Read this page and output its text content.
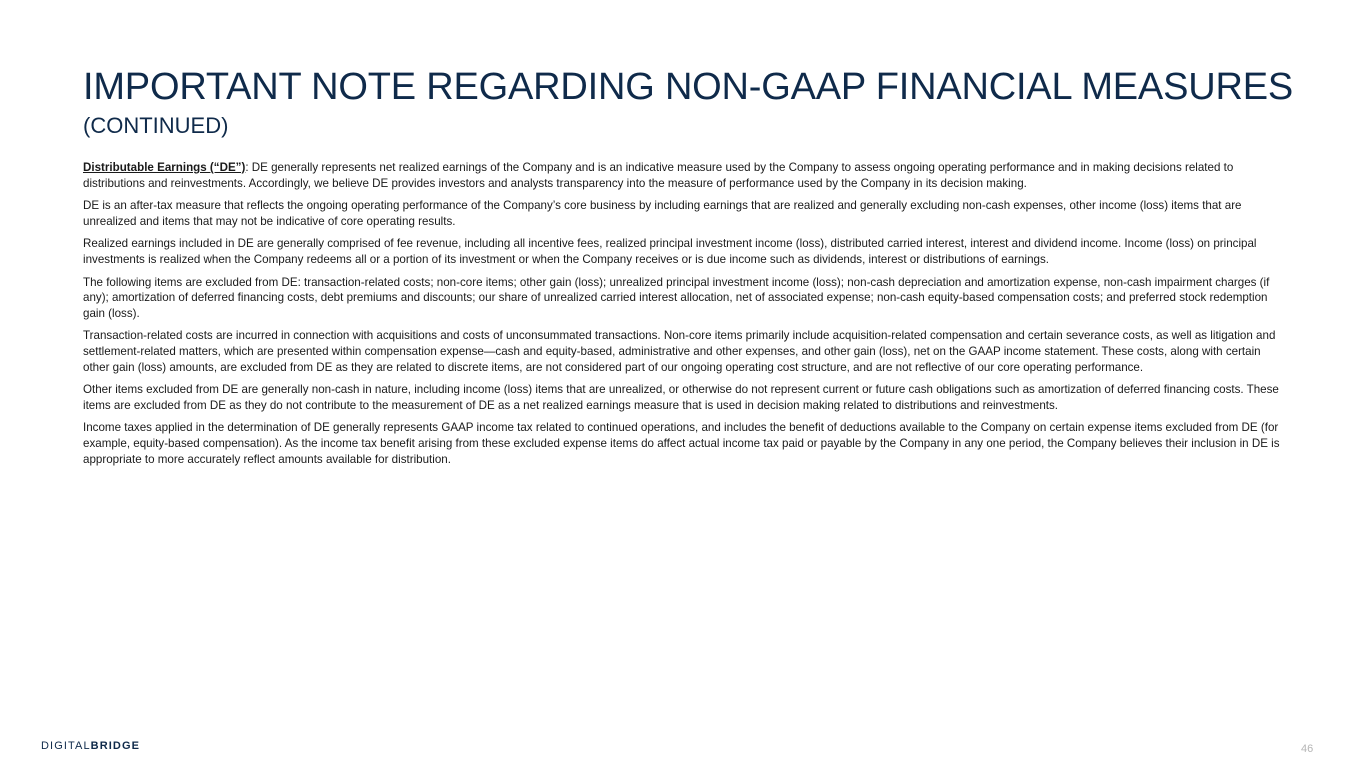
IMPORTANT NOTE REGARDING NON-GAAP FINANCIAL MEASURES
(CONTINUED)

Distributable Earnings (“DE”): DE generally represents net realized earnings of the Company and is an indicative measure used by the Company to assess ongoing operating performance and in making decisions related to distributions and reinvestments. Accordingly, we believe DE provides investors and analysts transparency into the measure of performance used by the Company in its decision making.

DE is an after-tax measure that reflects the ongoing operating performance of the Company’s core business by including earnings that are realized and generally excluding non-cash expenses, other income (loss) items that are unrealized and items that may not be indicative of core operating results.

Realized earnings included in DE are generally comprised of fee revenue, including all incentive fees, realized principal investment income (loss), distributed carried interest, interest and dividend income. Income (loss) on principal investments is realized when the Company redeems all or a portion of its investment or when the Company receives or is due income such as dividends, interest or distributions of earnings.

The following items are excluded from DE: transaction-related costs; non-core items; other gain (loss); unrealized principal investment income (loss); non-cash depreciation and amortization expense, non-cash impairment charges (if any); amortization of deferred financing costs, debt premiums and discounts; our share of unrealized carried interest allocation, net of associated expense; non-cash equity-based compensation costs; and preferred stock redemption gain (loss).

Transaction-related costs are incurred in connection with acquisitions and costs of unconsummated transactions. Non-core items primarily include acquisition-related compensation and certain severance costs, as well as litigation and settlement-related matters, which are presented within compensation expense—cash and equity-based, administrative and other expenses, and other gain (loss), net on the GAAP income statement. These costs, along with certain other gain (loss) amounts, are excluded from DE as they are related to discrete items, are not considered part of our ongoing operating cost structure, and are not reflective of our core operating performance.

Other items excluded from DE are generally non-cash in nature, including income (loss) items that are unrealized, or otherwise do not represent current or future cash obligations such as amortization of deferred financing costs. These items are excluded from DE as they do not contribute to the measurement of DE as a net realized earnings measure that is used in decision making related to distributions and reinvestments.

Income taxes applied in the determination of DE generally represents GAAP income tax related to continued operations, and includes the benefit of deductions available to the Company on certain expense items excluded from DE (for example, equity-based compensation). As the income tax benefit arising from these excluded expense items do affect actual income tax paid or payable by the Company in any one period, the Company believes their inclusion in DE is appropriate to more accurately reflect amounts available for distribution.

DIGITALBRIDGE	46
